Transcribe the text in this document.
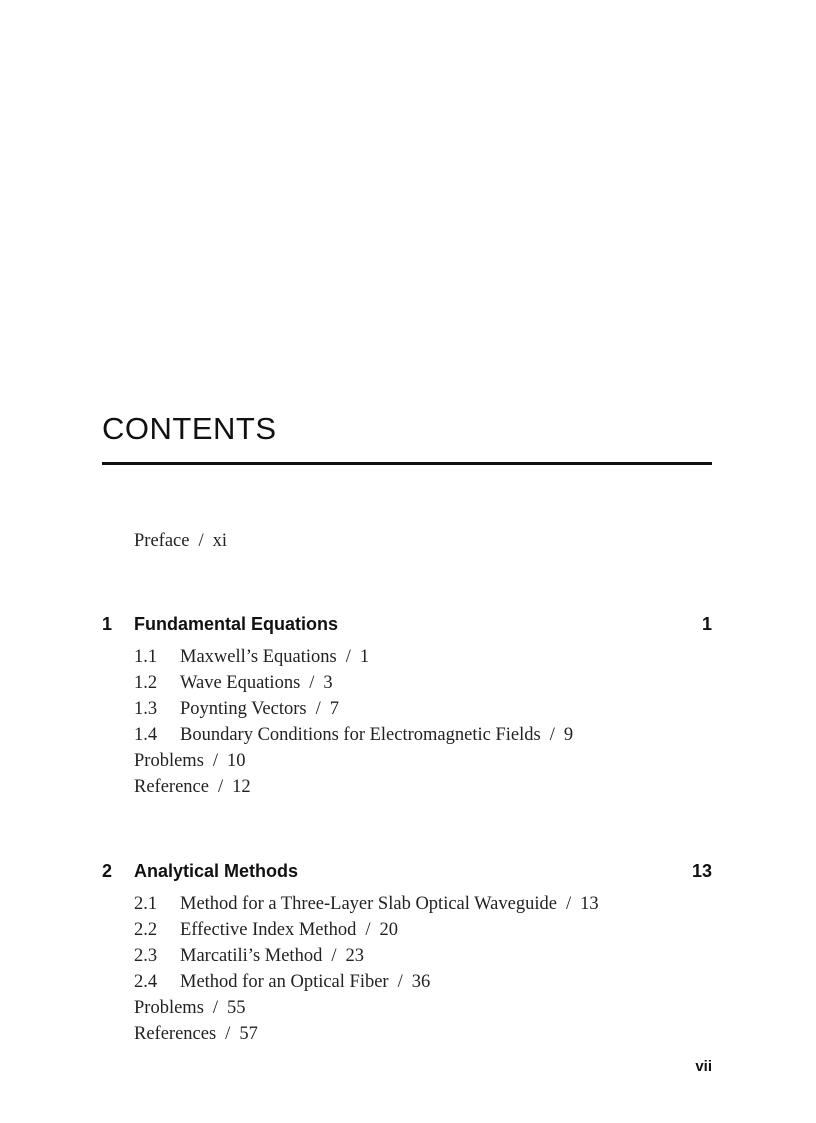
CONTENTS
Preface / xi
1 Fundamental Equations	1
1.1 Maxwell’s Equations / 1
1.2 Wave Equations / 3
1.3 Poynting Vectors / 7
1.4 Boundary Conditions for Electromagnetic Fields / 9
Problems / 10
Reference / 12
2 Analytical Methods	13
2.1 Method for a Three-Layer Slab Optical Waveguide / 13
2.2 Effective Index Method / 20
2.3 Marcatili’s Method / 23
2.4 Method for an Optical Fiber / 36
Problems / 55
References / 57
vii
